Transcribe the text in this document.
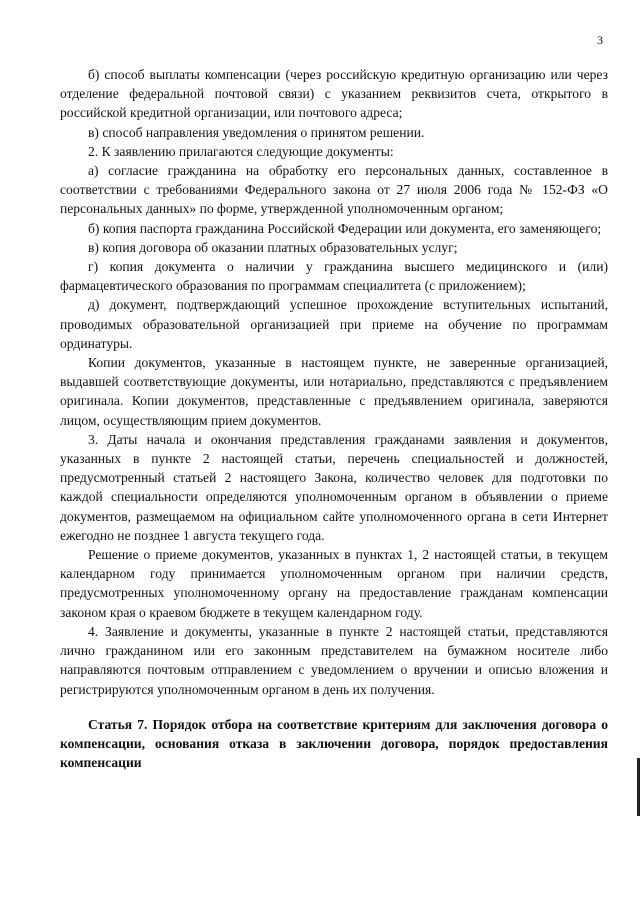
3

б) способ выплаты компенсации (через российскую кредитную организацию или через отделение федеральной почтовой связи) с указанием реквизитов счета, открытого в российской кредитной организации, или почтового адреса;

в) способ направления уведомления о принятом решении.

2. К заявлению прилагаются следующие документы:

а) согласие гражданина на обработку его персональных данных, составленное в соответствии с требованиями Федерального закона от 27 июля 2006 года № 152-ФЗ «О персональных данных» по форме, утвержденной уполномоченным органом;

б) копия паспорта гражданина Российской Федерации или документа, его заменяющего;

в) копия договора об оказании платных образовательных услуг;

г) копия документа о наличии у гражданина высшего медицинского и (или) фармацевтического образования по программам специалитета (с приложением);

д) документ, подтверждающий успешное прохождение вступительных испытаний, проводимых образовательной организацией при приеме на обучение по программам ординатуры.

Копии документов, указанные в настоящем пункте, не заверенные организацией, выдавшей соответствующие документы, или нотариально, представляются с предъявлением оригинала. Копии документов, представленные с предъявлением оригинала, заверяются лицом, осуществляющим прием документов.

3. Даты начала и окончания представления гражданами заявления и документов, указанных в пункте 2 настоящей статьи, перечень специальностей и должностей, предусмотренный статьей 2 настоящего Закона, количество человек для подготовки по каждой специальности определяются уполномоченным органом в объявлении о приеме документов, размещаемом на официальном сайте уполномоченного органа в сети Интернет ежегодно не позднее 1 августа текущего года.

Решение о приеме документов, указанных в пунктах 1, 2 настоящей статьи, в текущем календарном году принимается уполномоченным органом при наличии средств, предусмотренных уполномоченному органу на предоставление гражданам компенсации законом края о краевом бюджете в текущем календарном году.

4. Заявление и документы, указанные в пункте 2 настоящей статьи, представляются лично гражданином или его законным представителем на бумажном носителе либо направляются почтовым отправлением с уведомлением о вручении и описью вложения и регистрируются уполномоченным органом в день их получения.

Статья 7. Порядок отбора на соответствие критериям для заключения договора о компенсации, основания отказа в заключении договора, порядок предоставления компенсации
